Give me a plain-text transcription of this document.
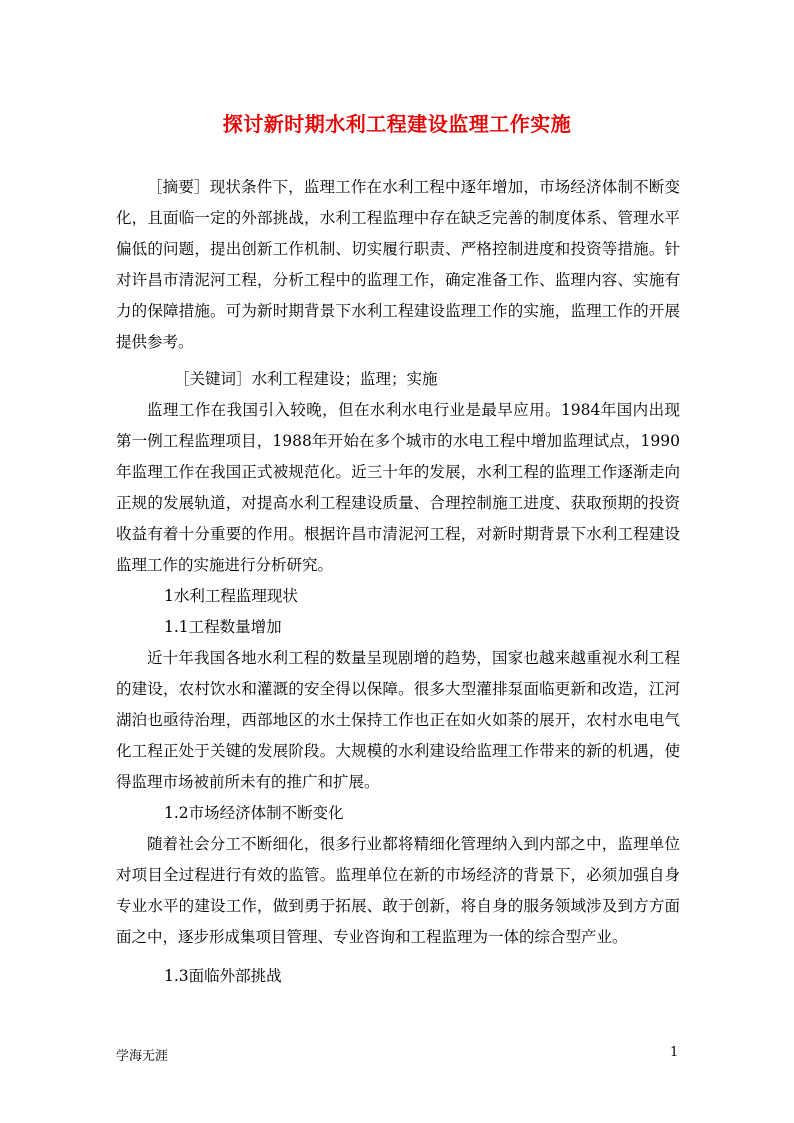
探讨新时期水利工程建设监理工作实施

［摘要］现状条件下，监理工作在水利工程中逐年增加，市场经济体制不断变化，且面临一定的外部挑战，水利工程监理中存在缺乏完善的制度体系、管理水平偏低的问题，提出创新工作机制、切实履行职责、严格控制进度和投资等措施。针对许昌市清泥河工程，分析工程中的监理工作，确定准备工作、监理内容、实施有力的保障措施。可为新时期背景下水利工程建设监理工作的实施，监理工作的开展提供参考。

［关键词］水利工程建设；监理；实施

监理工作在我国引入较晚，但在水利水电行业是最早应用。1984年国内出现第一例工程监理项目，1988年开始在多个城市的水电工程中增加监理试点，1990年监理工作在我国正式被规范化。近三十年的发展，水利工程的监理工作逐渐走向正规的发展轨道，对提高水利工程建设质量、合理控制施工进度、获取预期的投资收益有着十分重要的作用。根据许昌市清泥河工程，对新时期背景下水利工程建设监理工作的实施进行分析研究。

1水利工程监理现状

1.1工程数量增加

近十年我国各地水利工程的数量呈现剧增的趋势，国家也越来越重视水利工程的建设，农村饮水和灌溉的安全得以保障。很多大型灌排泵面临更新和改造，江河湖泊也亟待治理，西部地区的水土保持工作也正在如火如荼的展开，农村水电电气化工程正处于关键的发展阶段。大规模的水利建设给监理工作带来的新的机遇，使得监理市场被前所未有的推广和扩展。

1.2市场经济体制不断变化

随着社会分工不断细化，很多行业都将精细化管理纳入到内部之中，监理单位对项目全过程进行有效的监管。监理单位在新的市场经济的背景下，必须加强自身专业水平的建设工作，做到勇于拓展、敢于创新，将自身的服务领域涉及到方方面面之中，逐步形成集项目管理、专业咨询和工程监理为一体的综合型产业。

1.3面临外部挑战

学海无涯	1
